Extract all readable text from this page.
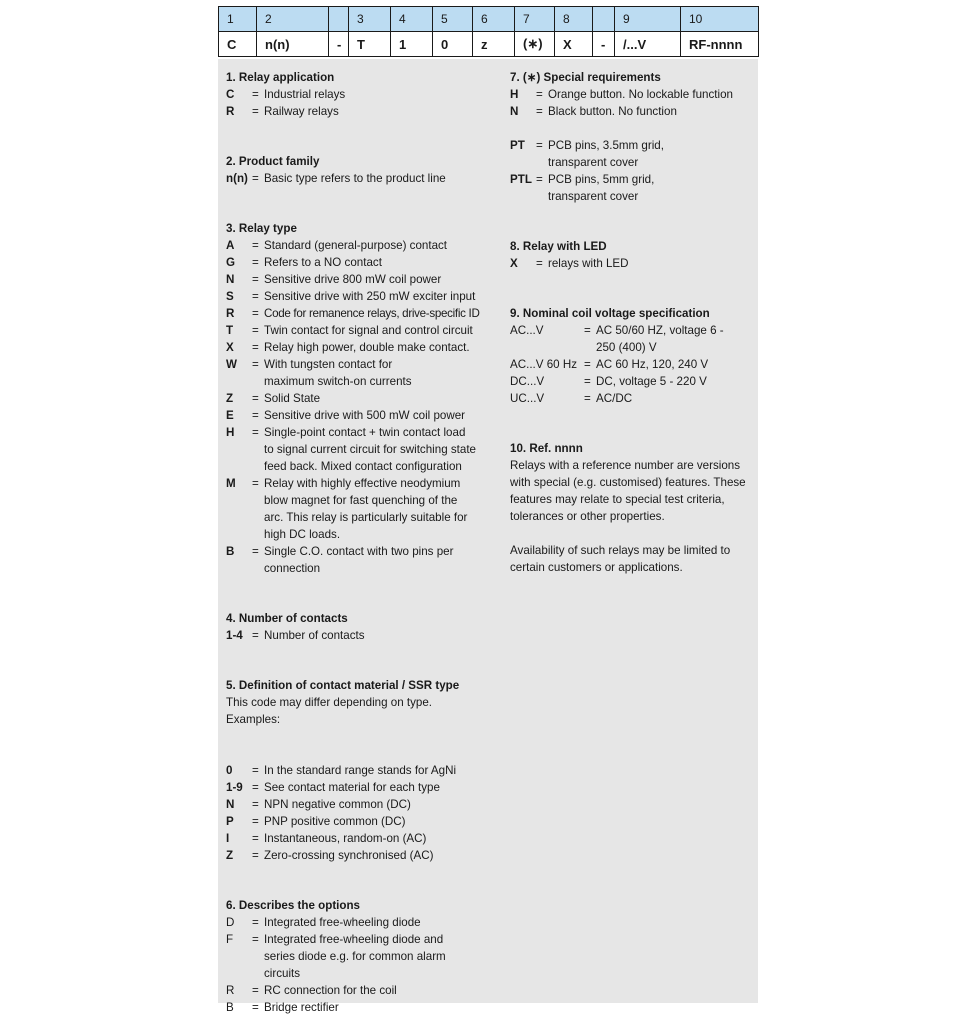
1	2		3	4	5	6	7	8		9	10
C	n(n)	-	T	1	0	z	(∗)	X	-	/...V	RF-nnnn
1. Relay application
C	= Industrial relays
R	= Railway relays
2. Product family
n(n) = Basic type refers to the product line
3. Relay type
A	= Standard (general-purpose) contact
G	= Refers to a NO contact
N	= Sensitive drive 800 mW coil power
S	= Sensitive drive with 250 mW exciter input
R	= Code for remanence relays, drive-specific ID
T	= Twin contact for signal and control circuit
X	= Relay high power, double make contact.
W	= With tungsten contact for maximum switch-on currents
Z	= Solid State
E	= Sensitive drive with 500 mW coil power
H	= Single-point contact + twin contact load to signal current circuit for switching state feed back. Mixed contact configuration
M	= Relay with highly effective neodymium blow magnet for fast quenching of the arc. This relay is particularly suitable for high DC loads.
B	= Single C.O. contact with two pins per connection
4. Number of contacts
1-4 = Number of contacts
5. Definition of contact material / SSR type
This code may differ depending on type.
Examples:
0	= In the standard range stands for AgNi
1-9 = See contact material for each type
N	= NPN negative common (DC)
P	= PNP positive common (DC)
I	= Instantaneous, random-on (AC)
Z	= Zero-crossing synchronised (AC)
6. Describes the options
D	= Integrated free-wheeling diode
F	= Integrated free-wheeling diode and series diode e.g. for common alarm circuits
R	= RC connection for the coil
B	= Bridge rectifier
7. (∗) Special requirements
H	= Orange button. No lockable function
N	= Black button. No function
PT = PCB pins, 3.5mm grid, transparent cover
PTL = PCB pins, 5mm grid, transparent cover
8. Relay with LED
X	= relays with LED
9. Nominal coil voltage specification
AC...V	= AC 50/60 HZ, voltage 6 - 250 (400) V
AC...V 60 Hz = AC 60 Hz, 120, 240 V
DC...V	= DC, voltage 5 - 220 V
UC...V	= AC/DC
10. Ref. nnnn

Relays with a reference number are versions with special (e.g. customised) features. These features may relate to special test criteria, tolerances or other properties.

Availability of such relays may be limited to certain customers or applications.
